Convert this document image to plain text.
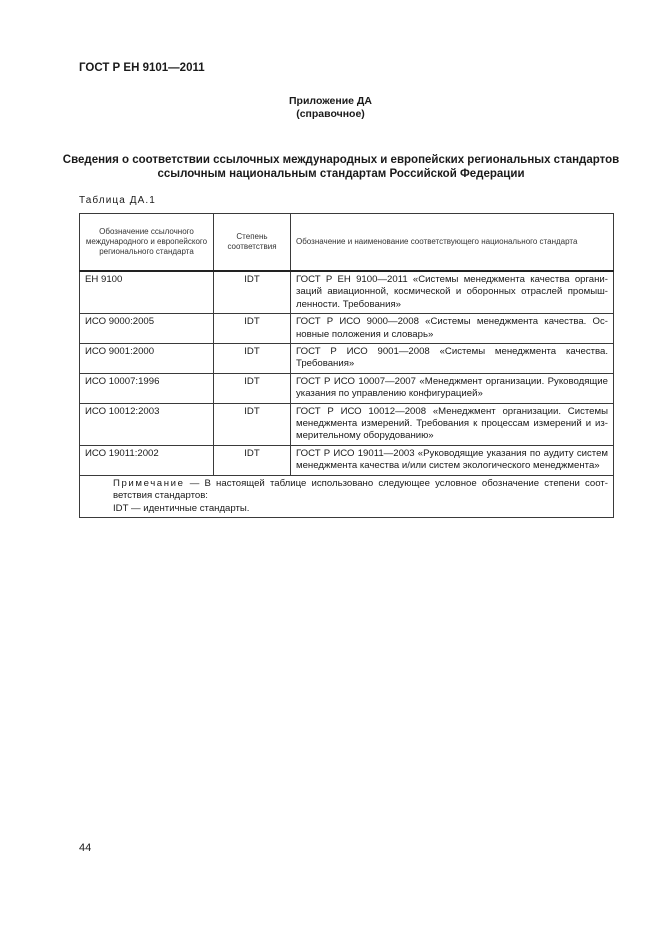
ГОСТ Р ЕН 9101—2011
Приложение ДА
(справочное)
Сведения о соответствии ссылочных международных и европейских региональных стандартов
ссылочным национальным стандартам Российской Федерации
Таблица ДА.1
Обозначение ссылочного международного и европейского регионального стандарта	Степень соответствия	Обозначение и наименование соответствующего национального стандарта
ЕН 9100	IDT	ГОСТ Р ЕН 9100—2011 «Системы менеджмента качества организаций авиационной, космической и оборонных отраслей промышленности. Требования»
ИСО 9000:2005	IDT	ГОСТ Р ИСО 9000—2008 «Системы менеджмента качества. Основные положения и словарь»
ИСО 9001:2000	IDT	ГОСТ Р ИСО 9001—2008 «Системы менеджмента качества. Требования»
ИСО 10007:1996	IDT	ГОСТ Р ИСО 10007—2007 «Менеджмент организации. Руководящие указания по управлению конфигурацией»
ИСО 10012:2003	IDT	ГОСТ Р ИСО 10012—2008 «Менеджмент организации. Системы менеджмента измерений. Требования к процессам измерений и измерительному оборудованию»
ИСО 19011:2002	IDT	ГОСТ Р ИСО 19011—2003 «Руководящие указания по аудиту систем менеджмента качества и/или систем экологического менеджмента»

Примечание — В настоящей таблице использовано следующее условное обозначение степени соответствия стандартов:
IDT — идентичные стандарты.		
44
